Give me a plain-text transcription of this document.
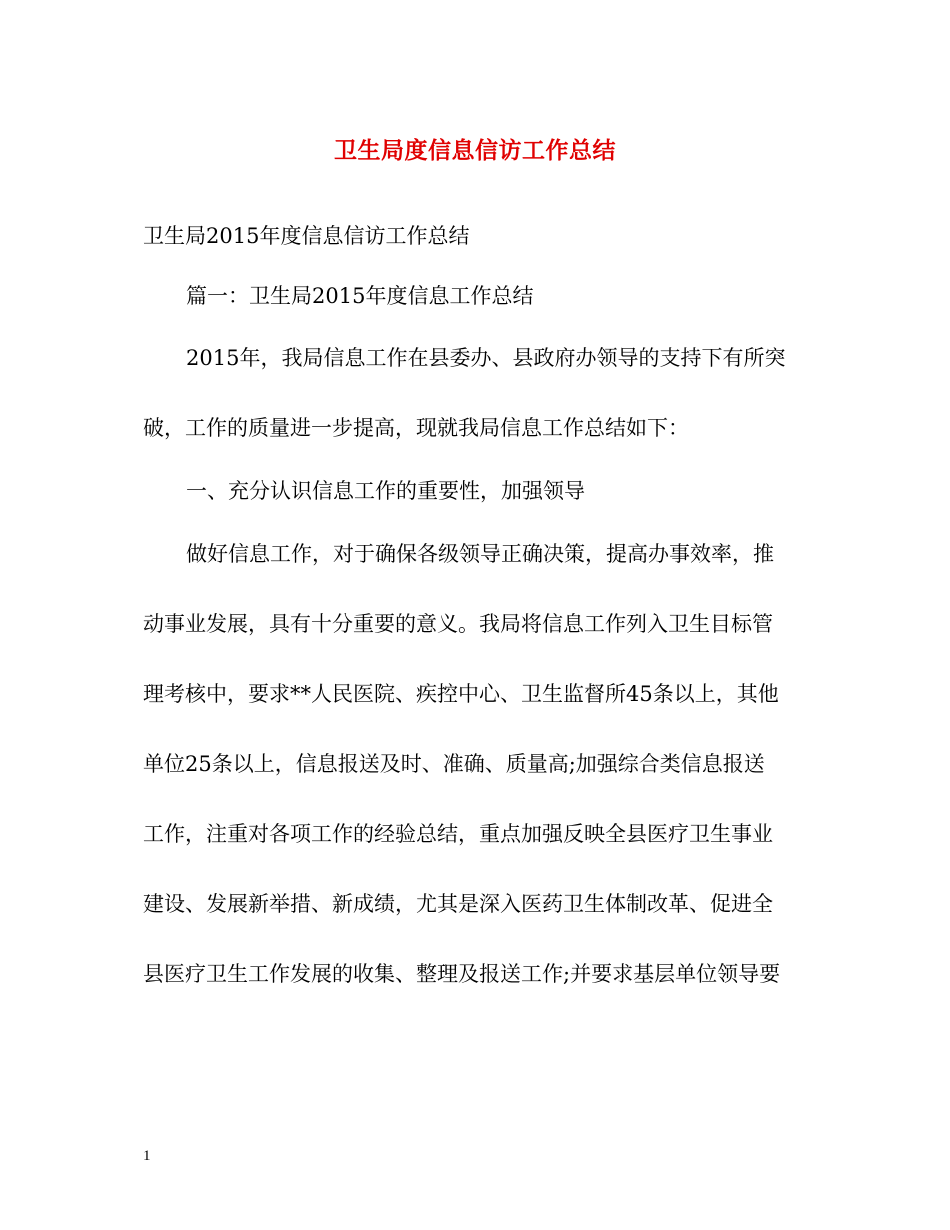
卫生局度信息信访工作总结
卫生局2015年度信息信访工作总结
篇一：卫生局2015年度信息工作总结
2015年，我局信息工作在县委办、县政府办领导的支持下有所突
破，工作的质量进一步提高，现就我局信息工作总结如下：
一、充分认识信息工作的重要性，加强领导
做好信息工作，对于确保各级领导正确决策，提高办事效率，推
动事业发展，具有十分重要的意义。我局将信息工作列入卫生目标管
理考核中，要求**人民医院、疾控中心、卫生监督所45条以上，其他
单位25条以上，信息报送及时、准确、质量高;加强综合类信息报送
工作，注重对各项工作的经验总结，重点加强反映全县医疗卫生事业
建设、发展新举措、新成绩，尤其是深入医药卫生体制改革、促进全
县医疗卫生工作发展的收集、整理及报送工作;并要求基层单位领导要
1
